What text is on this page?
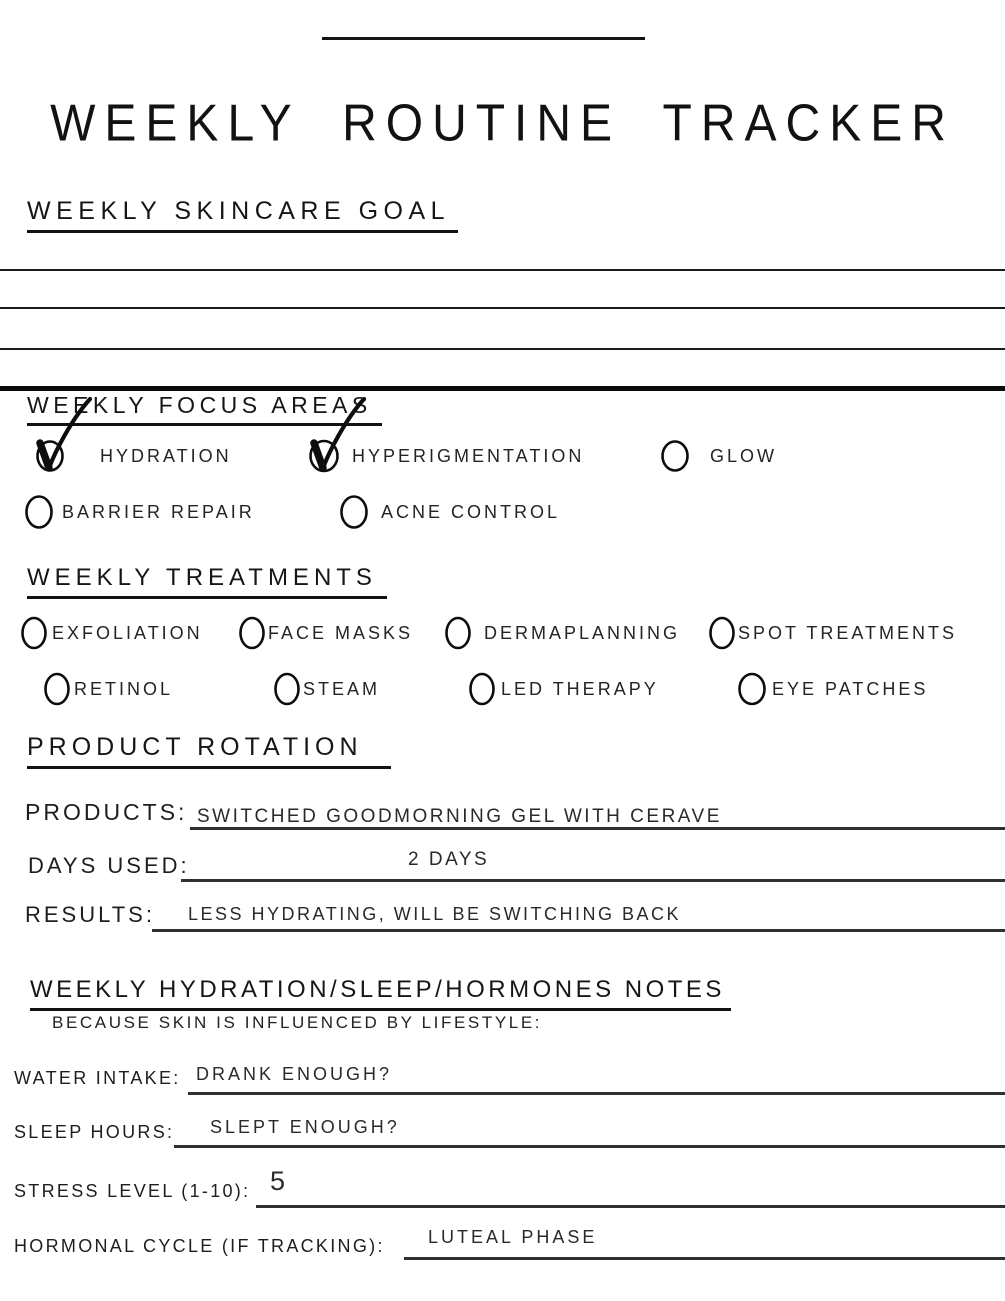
WEEKLY ROUTINE TRACKER
WEEKLY SKINCARE GOAL
WEEKLY FOCUS AREAS
HYDRATION	HYPERIGMENTATION	GLOW
BARRIER REPAIR	ACNE CONTROL
WEEKLY TREATMENTS
EXFOLIATION	FACE MASKS	DERMAPLANNING	SPOT TREATMENTS
RETINOL	STEAM	LED THERAPY	EYE PATCHES
PRODUCT ROTATION
PRODUCTS: SWITCHED GOODMORNING GEL WITH CERAVE
DAYS USED:	2 DAYS
RESULTS: LESS HYDRATING, WILL BE SWITCHING BACK
WEEKLY HYDRATION/SLEEP/HORMONES NOTES
BECAUSE SKIN IS INFLUENCED BY LIFESTYLE:
WATER INTAKE: DRANK ENOUGH?
SLEEP HOURS: SLEPT ENOUGH?
STRESS LEVEL (1-10): 5
HORMONAL CYCLE (IF TRACKING): LUTEAL PHASE
